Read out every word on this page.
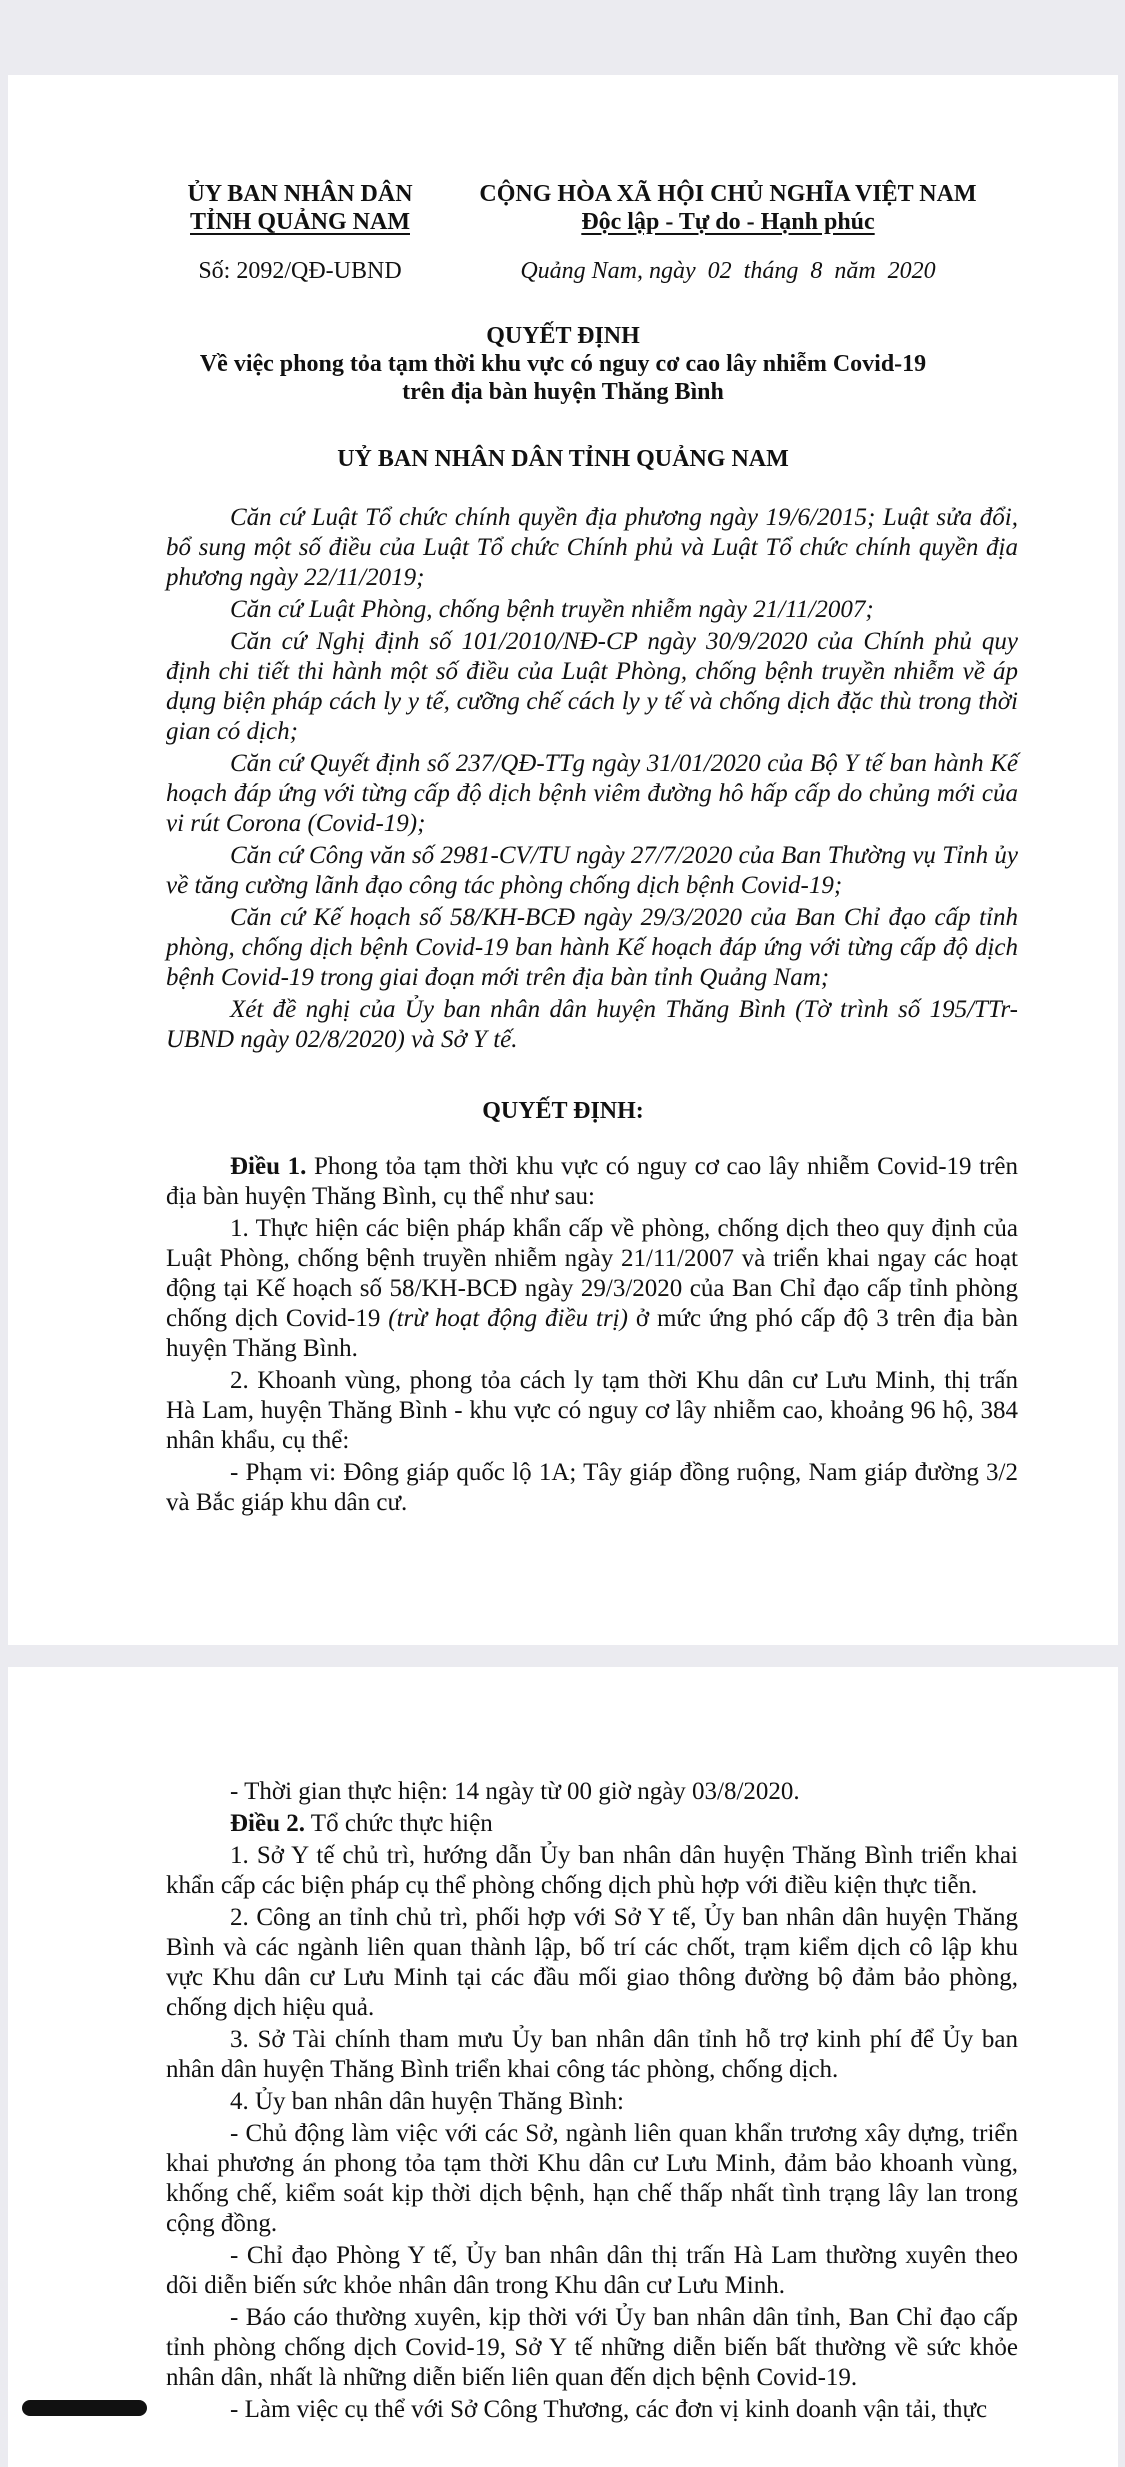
ỦY BAN NHÂN DÂN
TỈNH QUẢNG NAM
CỘNG HÒA XÃ HỘI CHỦ NGHĨA VIỆT NAM
Độc lập - Tự do - Hạnh phúc
Số: 2092/QĐ-UBND	Quảng Nam, ngày  02  tháng  8  năm  2020
QUYẾT ĐỊNH
Về việc phong tỏa tạm thời khu vực có nguy cơ cao lây nhiễm Covid-19
trên địa bàn huyện Thăng Bình
UỶ BAN NHÂN DÂN TỈNH QUẢNG NAM

Căn cứ Luật Tổ chức chính quyền địa phương ngày 19/6/2015; Luật sửa đổi, bổ sung một số điều của Luật Tổ chức Chính phủ và Luật Tổ chức chính quyền địa phương ngày 22/11/2019;

Căn cứ Luật Phòng, chống bệnh truyền nhiễm ngày 21/11/2007;

Căn cứ Nghị định số 101/2010/NĐ-CP ngày 30/9/2020 của Chính phủ quy định chi tiết thi hành một số điều của Luật Phòng, chống bệnh truyền nhiễm về áp dụng biện pháp cách ly y tế, cưỡng chế cách ly y tế và chống dịch đặc thù trong thời gian có dịch;

Căn cứ Quyết định số 237/QĐ-TTg ngày 31/01/2020 của Bộ Y tế ban hành Kế hoạch đáp ứng với từng cấp độ dịch bệnh viêm đường hô hấp cấp do chủng mới của vi rút Corona (Covid-19);

Căn cứ Công văn số 2981-CV/TU ngày 27/7/2020 của Ban Thường vụ Tỉnh ủy về tăng cường lãnh đạo công tác phòng chống dịch bệnh Covid-19;

Căn cứ Kế hoạch số 58/KH-BCĐ ngày 29/3/2020 của Ban Chỉ đạo cấp tỉnh phòng, chống dịch bệnh Covid-19 ban hành Kế hoạch đáp ứng với từng cấp độ dịch bệnh Covid-19 trong giai đoạn mới trên địa bàn tỉnh Quảng Nam;

Xét đề nghị của Ủy ban nhân dân huyện Thăng Bình (Tờ trình số 195/TTr-UBND ngày 02/8/2020) và Sở Y tế.

QUYẾT ĐỊNH:

Điều 1. Phong tỏa tạm thời khu vực có nguy cơ cao lây nhiễm Covid-19 trên địa bàn huyện Thăng Bình, cụ thể như sau:

1. Thực hiện các biện pháp khẩn cấp về phòng, chống dịch theo quy định của Luật Phòng, chống bệnh truyền nhiễm ngày 21/11/2007 và triển khai ngay các hoạt động tại Kế hoạch số 58/KH-BCĐ ngày 29/3/2020 của Ban Chỉ đạo cấp tỉnh phòng chống dịch Covid-19 (trừ hoạt động điều trị) ở mức ứng phó cấp độ 3 trên địa bàn huyện Thăng Bình.

2. Khoanh vùng, phong tỏa cách ly tạm thời Khu dân cư Lưu Minh, thị trấn Hà Lam, huyện Thăng Bình - khu vực có nguy cơ lây nhiễm cao, khoảng 96 hộ, 384 nhân khẩu, cụ thể:

- Phạm vi: Đông giáp quốc lộ 1A; Tây giáp đồng ruộng, Nam giáp đường 3/2 và Bắc giáp khu dân cư.

- Thời gian thực hiện: 14 ngày từ 00 giờ ngày 03/8/2020.

Điều 2. Tổ chức thực hiện

1. Sở Y tế chủ trì, hướng dẫn Ủy ban nhân dân huyện Thăng Bình triển khai khẩn cấp các biện pháp cụ thể phòng chống dịch phù hợp với điều kiện thực tiễn.

2. Công an tỉnh chủ trì, phối hợp với Sở Y tế, Ủy ban nhân dân huyện Thăng Bình và các ngành liên quan thành lập, bố trí các chốt, trạm kiểm dịch cô lập khu vực Khu dân cư Lưu Minh tại các đầu mối giao thông đường bộ đảm bảo phòng, chống dịch hiệu quả.

3. Sở Tài chính tham mưu Ủy ban nhân dân tỉnh hỗ trợ kinh phí để Ủy ban nhân dân huyện Thăng Bình triển khai công tác phòng, chống dịch.

4. Ủy ban nhân dân huyện Thăng Bình:

- Chủ động làm việc với các Sở, ngành liên quan khẩn trương xây dựng, triển khai phương án phong tỏa tạm thời Khu dân cư Lưu Minh, đảm bảo khoanh vùng, khống chế, kiểm soát kịp thời dịch bệnh, hạn chế thấp nhất tình trạng lây lan trong cộng đồng.

- Chỉ đạo Phòng Y tế, Ủy ban nhân dân thị trấn Hà Lam thường xuyên theo dõi diễn biến sức khỏe nhân dân trong Khu dân cư Lưu Minh.

- Báo cáo thường xuyên, kịp thời với Ủy ban nhân dân tỉnh, Ban Chỉ đạo cấp tỉnh phòng chống dịch Covid-19, Sở Y tế những diễn biến bất thường về sức khỏe nhân dân, nhất là những diễn biến liên quan đến dịch bệnh Covid-19.

- Làm việc cụ thể với Sở Công Thương, các đơn vị kinh doanh vận tải, thực
